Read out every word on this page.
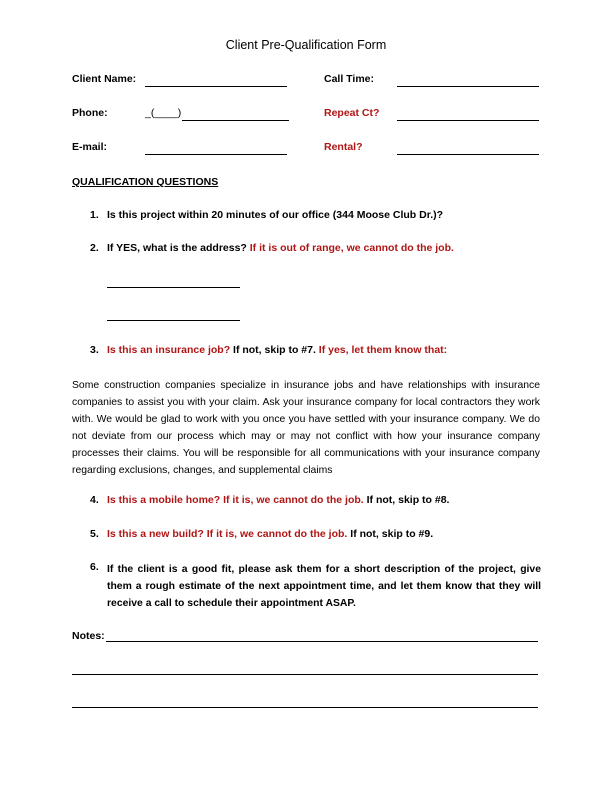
Client Pre-Qualification Form
Client Name:	Call Time:
Phone:	_(____)	Repeat Ct?
E-mail:	Rental?
QUALIFICATION QUESTIONS
1. Is this project within 20 minutes of our office (344 Moose Club Dr.)?
2. If YES, what is the address? If it is out of range, we cannot do the job.
3. Is this an insurance job? If not, skip to #7. If yes, let them know that:
Some construction companies specialize in insurance jobs and have relationships with insurance companies to assist you with your claim. Ask your insurance company for local contractors they work with. We would be glad to work with you once you have settled with your insurance company. We do not deviate from our process which may or may not conflict with how your insurance company processes their claims. You will be responsible for all communications with your insurance company regarding exclusions, changes, and supplemental claims
4. Is this a mobile home? If it is, we cannot do the job. If not, skip to #8.
5. Is this a new build? If it is, we cannot do the job. If not, skip to #9.
6. If the client is a good fit, please ask them for a short description of the project, give them a rough estimate of the next appointment time, and let them know that they will receive a call to schedule their appointment ASAP.
Notes:
